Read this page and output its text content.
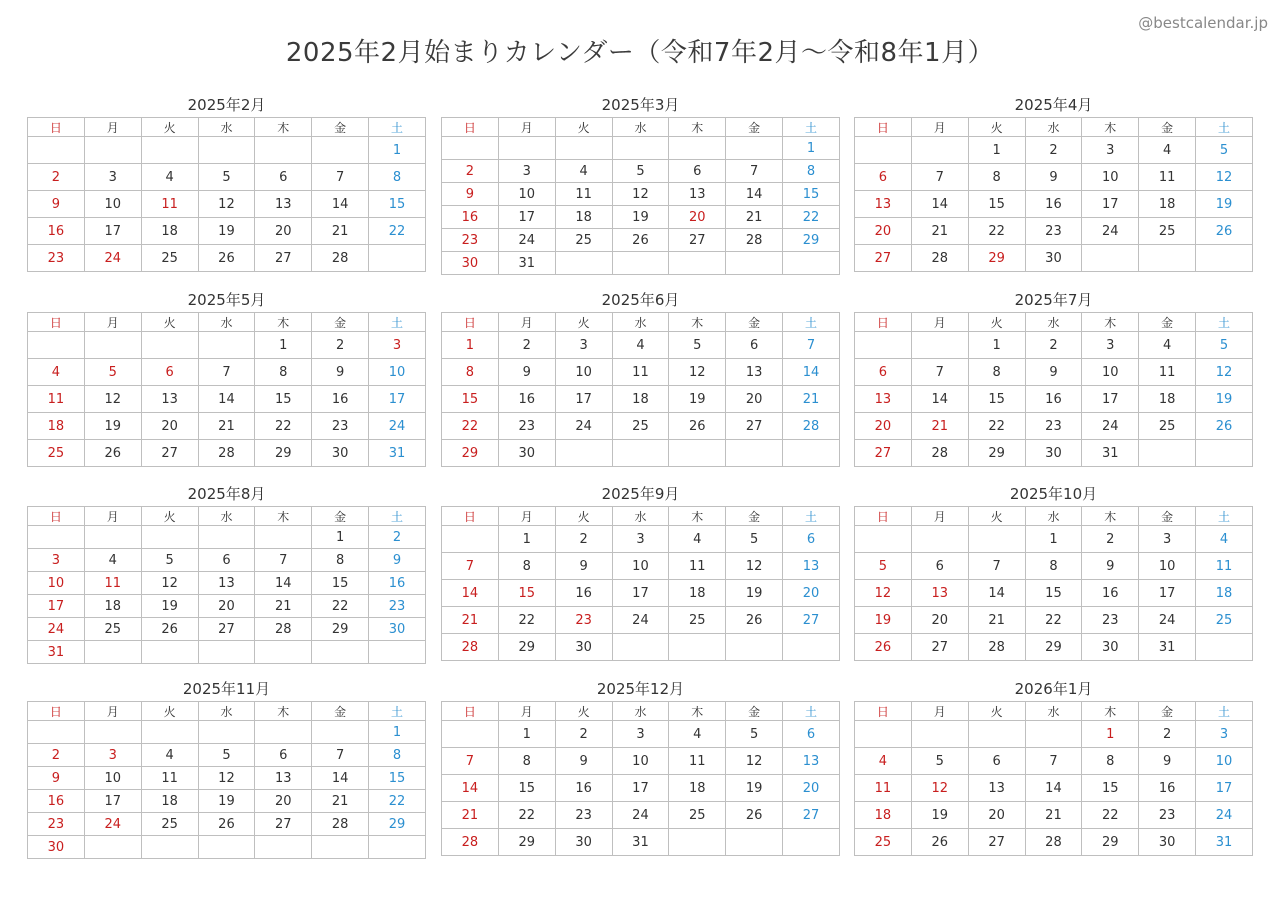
@bestcalendar.jp
2025年2月始まりカレンダー（令和7年2月〜令和8年1月）
2025年2月
日	月	火	水	木	金	土
						1
2	3	4	5	6	7	8
9	10	11	12	13	14	15
16	17	18	19	20	21	22
23	24	25	26	27	28	
2025年3月
日	月	火	水	木	金	土
						1
2	3	4	5	6	7	8
9	10	11	12	13	14	15
16	17	18	19	20	21	22
23	24	25	26	27	28	29
30	31					
2025年4月
日	月	火	水	木	金	土
		1	2	3	4	5
6	7	8	9	10	11	12
13	14	15	16	17	18	19
20	21	22	23	24	25	26
27	28	29	30			
2025年5月
日	月	火	水	木	金	土
				1	2	3
4	5	6	7	8	9	10
11	12	13	14	15	16	17
18	19	20	21	22	23	24
25	26	27	28	29	30	31
2025年6月
日	月	火	水	木	金	土
1	2	3	4	5	6	7
8	9	10	11	12	13	14
15	16	17	18	19	20	21
22	23	24	25	26	27	28
29	30					
2025年7月
日	月	火	水	木	金	土
		1	2	3	4	5
6	7	8	9	10	11	12
13	14	15	16	17	18	19
20	21	22	23	24	25	26
27	28	29	30	31		
2025年8月
日	月	火	水	木	金	土
					1	2
3	4	5	6	7	8	9
10	11	12	13	14	15	16
17	18	19	20	21	22	23
24	25	26	27	28	29	30
31						
2025年9月
日	月	火	水	木	金	土
	1	2	3	4	5	6
7	8	9	10	11	12	13
14	15	16	17	18	19	20
21	22	23	24	25	26	27
28	29	30				
2025年10月
日	月	火	水	木	金	土
			1	2	3	4
5	6	7	8	9	10	11
12	13	14	15	16	17	18
19	20	21	22	23	24	25
26	27	28	29	30	31	
2025年11月
日	月	火	水	木	金	土
						1
2	3	4	5	6	7	8
9	10	11	12	13	14	15
16	17	18	19	20	21	22
23	24	25	26	27	28	29
30						
2025年12月
日	月	火	水	木	金	土
	1	2	3	4	5	6
7	8	9	10	11	12	13
14	15	16	17	18	19	20
21	22	23	24	25	26	27
28	29	30	31			
2026年1月
日	月	火	水	木	金	土
				1	2	3
4	5	6	7	8	9	10
11	12	13	14	15	16	17
18	19	20	21	22	23	24
25	26	27	28	29	30	31
